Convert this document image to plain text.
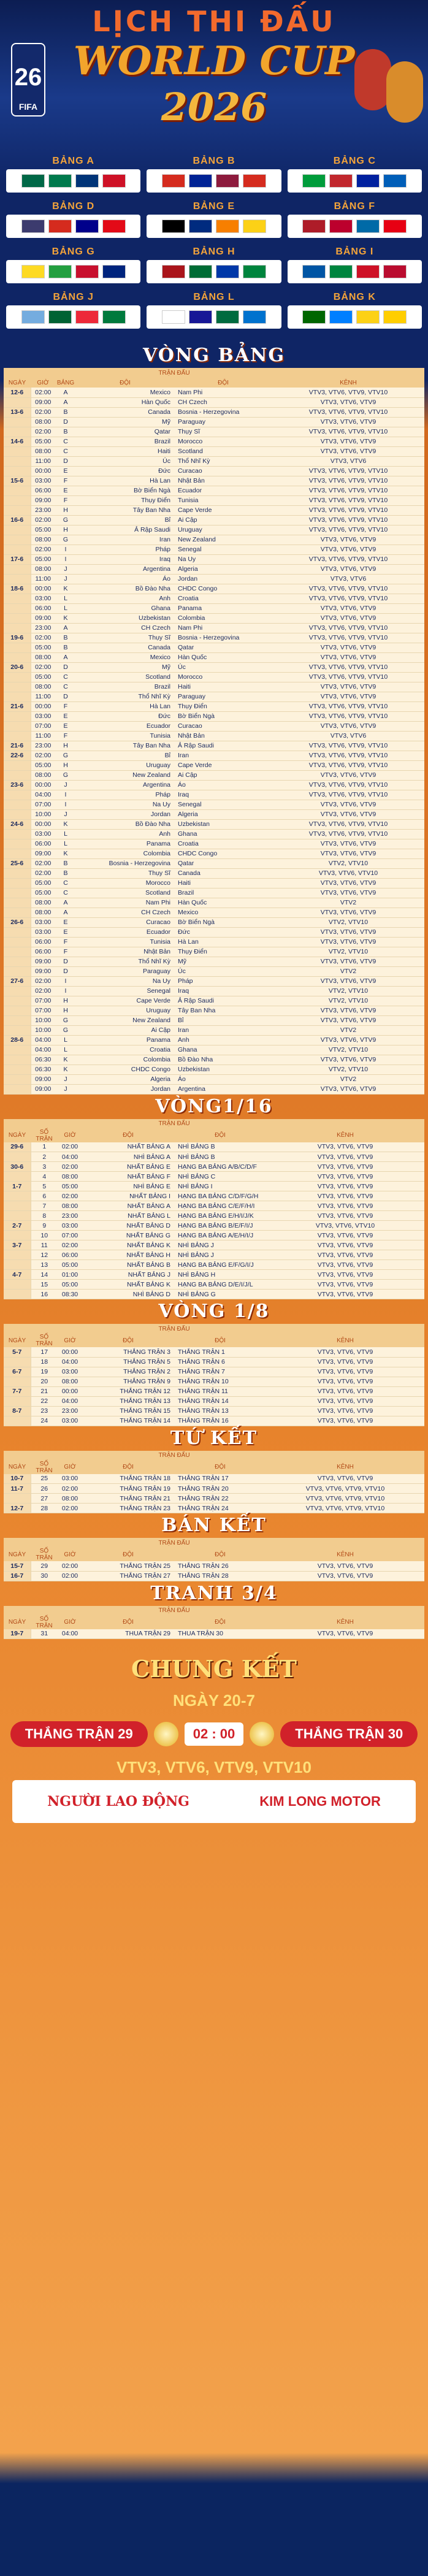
26
FIFA
LỊCH THI ĐẤU
WORLD CUP
2026
BẢNG A	BẢNG B	BẢNG C
BẢNG D	BẢNG E	BẢNG F
BẢNG G	BẢNG H	BẢNG I
BẢNG J	BẢNG L	BẢNG K
VÒNG BẢNG
			TRẬN ĐẤU		
NGÀY	GIỜ	BẢNG	ĐỘI	ĐỘI	KÊNH
12-6	02:00	A	Mexico	Nam Phi	VTV3, VTV6, VTV9, VTV10
	09:00	A	Hàn Quốc	CH Czech	VTV3, VTV6, VTV9
13-6	02:00	B	Canada	Bosnia - Herzegovina	VTV3, VTV6, VTV9, VTV10
	08:00	D	Mỹ	Paraguay	VTV3, VTV6, VTV9
	02:00	B	Qatar	Thụy Sĩ	VTV3, VTV6, VTV9, VTV10
14-6	05:00	C	Brazil	Morocco	VTV3, VTV6, VTV9
	08:00	C	Haiti	Scotland	VTV3, VTV6, VTV9
	11:00	D	Úc	Thổ Nhĩ Kỳ	VTV3, VTV6
	00:00	E	Đức	Curacao	VTV3, VTV6, VTV9, VTV10
15-6	03:00	F	Hà Lan	Nhật Bản	VTV3, VTV6, VTV9, VTV10
	06:00	E	Bờ Biển Ngà	Ecuador	VTV3, VTV6, VTV9, VTV10
	09:00	F	Thụy Điển	Tunisia	VTV3, VTV6, VTV9, VTV10
	23:00	H	Tây Ban Nha	Cape Verde	VTV3, VTV6, VTV9, VTV10
16-6	02:00	G	Bỉ	Ai Cập	VTV3, VTV6, VTV9, VTV10
	05:00	H	Ả Rập Saudi	Uruguay	VTV3, VTV6, VTV9, VTV10
	08:00	G	Iran	New Zealand	VTV3, VTV6, VTV9
	02:00	I	Pháp	Senegal	VTV3, VTV6, VTV9
17-6	05:00	I	Iraq	Na Uy	VTV3, VTV6, VTV9, VTV10
	08:00	J	Argentina	Algeria	VTV3, VTV6, VTV9
	11:00	J	Áo	Jordan	VTV3, VTV6
18-6	00:00	K	Bồ Đào Nha	CHDC Congo	VTV3, VTV6, VTV9, VTV10
	03:00	L	Anh	Croatia	VTV3, VTV6, VTV9, VTV10
	06:00	L	Ghana	Panama	VTV3, VTV6, VTV9
	09:00	K	Uzbekistan	Colombia	VTV3, VTV6, VTV9
	23:00	A	CH Czech	Nam Phi	VTV3, VTV6, VTV9, VTV10
19-6	02:00	B	Thụy Sĩ	Bosnia - Herzegovina	VTV3, VTV6, VTV9, VTV10
	05:00	B	Canada	Qatar	VTV3, VTV6, VTV9
	08:00	A	Mexico	Hàn Quốc	VTV3, VTV6, VTV9
20-6	02:00	D	Mỹ	Úc	VTV3, VTV6, VTV9, VTV10
	05:00	C	Scotland	Morocco	VTV3, VTV6, VTV9, VTV10
	08:00	C	Brazil	Haiti	VTV3, VTV6, VTV9
	11:00	D	Thổ Nhĩ Kỳ	Paraguay	VTV3, VTV6, VTV9
21-6	00:00	F	Hà Lan	Thụy Điển	VTV3, VTV6, VTV9, VTV10
	03:00	E	Đức	Bờ Biển Ngà	VTV3, VTV6, VTV9, VTV10
	07:00	E	Ecuador	Curacao	VTV3, VTV6, VTV9
	11:00	F	Tunisia	Nhật Bản	VTV3, VTV6
21-6	23:00	H	Tây Ban Nha	Ả Rập Saudi	VTV3, VTV6, VTV9, VTV10
22-6	02:00	G	Bỉ	Iran	VTV3, VTV6, VTV9, VTV10
	05:00	H	Uruguay	Cape Verde	VTV3, VTV6, VTV9, VTV10
	08:00	G	New Zealand	Ai Cập	VTV3, VTV6, VTV9
23-6	00:00	J	Argentina	Áo	VTV3, VTV6, VTV9, VTV10
	04:00	I	Pháp	Iraq	VTV3, VTV6, VTV9, VTV10
	07:00	I	Na Uy	Senegal	VTV3, VTV6, VTV9
	10:00	J	Jordan	Algeria	VTV3, VTV6, VTV9
24-6	00:00	K	Bồ Đào Nha	Uzbekistan	VTV3, VTV6, VTV9, VTV10
	03:00	L	Anh	Ghana	VTV3, VTV6, VTV9, VTV10
	06:00	L	Panama	Croatia	VTV3, VTV6, VTV9
	09:00	K	Colombia	CHDC Congo	VTV3, VTV6, VTV9
25-6	02:00	B	Bosnia - Herzegovina	Qatar	VTV2, VTV10
	02:00	B	Thụy Sĩ	Canada	VTV3, VTV6, VTV10
	05:00	C	Morocco	Haiti	VTV3, VTV6, VTV9
	05:00	C	Scotland	Brazil	VTV3, VTV6, VTV9
	08:00	A	Nam Phi	Hàn Quốc	VTV2
	08:00	A	CH Czech	Mexico	VTV3, VTV6, VTV9
26-6	03:00	E	Curacao	Bờ Biển Ngà	VTV2, VTV10
	03:00	E	Ecuador	Đức	VTV3, VTV6, VTV9
	06:00	F	Tunisia	Hà Lan	VTV3, VTV6, VTV9
	06:00	F	Nhật Bản	Thụy Điển	VTV2, VTV10
	09:00	D	Thổ Nhĩ Kỳ	Mỹ	VTV3, VTV6, VTV9
	09:00	D	Paraguay	Úc	VTV2
27-6	02:00	I	Na Uy	Pháp	VTV3, VTV6, VTV9
	02:00	I	Senegal	Iraq	VTV2, VTV10
	07:00	H	Cape Verde	Ả Rập Saudi	VTV2, VTV10
	07:00	H	Uruguay	Tây Ban Nha	VTV3, VTV6, VTV9
	10:00	G	New Zealand	Bỉ	VTV3, VTV6, VTV9
	10:00	G	Ai Cập	Iran	VTV2
28-6	04:00	L	Panama	Anh	VTV3, VTV6, VTV9
	04:00	L	Croatia	Ghana	VTV2, VTV10
	06:30	K	Colombia	Bồ Đào Nha	VTV3, VTV6, VTV9
	06:30	K	CHDC Congo	Uzbekistan	VTV2, VTV10
	09:00	J	Algeria	Áo	VTV2
	09:00	J	Jordan	Argentina	VTV3, VTV6, VTV9
VÒNG1/16
			TRẬN ĐẤU		
NGÀY	SỐ TRẬN	GIỜ	ĐỘI	ĐỘI	KÊNH
29-6	1	02:00	NHẤT BẢNG A	NHÌ BẢNG B	VTV3, VTV6, VTV9
	2	04:00	NHÌ BẢNG A	NHÌ BẢNG B	VTV3, VTV6, VTV9
30-6	3	02:00	NHẤT BẢNG E	HẠNG BA BẢNG A/B/C/D/F	VTV3, VTV6, VTV9
	4	08:00	NHẤT BẢNG F	NHÌ BẢNG C	VTV3, VTV6, VTV9
1-7	5	05:00	NHÌ BẢNG E	NHÌ BẢNG I	VTV3, VTV6, VTV9
	6	02:00	NHẤT BẢNG I	HẠNG BA BẢNG C/D/F/G/H	VTV3, VTV6, VTV9
	7	08:00	NHẤT BẢNG A	HẠNG BA BẢNG C/E/F/H/I	VTV3, VTV6, VTV9
	8	23:00	NHẤT BẢNG L	HẠNG BA BẢNG E/H/I/J/K	VTV3, VTV6, VTV9
2-7	9	03:00	NHẤT BẢNG D	HẠNG BA BẢNG B/E/F/I/J	VTV3, VTV6, VTV10
	10	07:00	NHẤT BẢNG G	HẠNG BA BẢNG A/E/H/I/J	VTV3, VTV6, VTV9
3-7	11	02:00	NHẤT BẢNG K	NHÌ BẢNG J	VTV3, VTV6, VTV9
	12	06:00	NHẤT BẢNG H	NHÌ BẢNG J	VTV3, VTV6, VTV9
	13	05:00	NHẤT BẢNG B	HẠNG BA BẢNG E/F/G/I/J	VTV3, VTV6, VTV9
4-7	14	01:00	NHẤT BẢNG J	NHÌ BẢNG H	VTV3, VTV6, VTV9
	15	05:00	NHẤT BẢNG K	HẠNG BA BẢNG D/E/I/J/L	VTV3, VTV6, VTV9
	16	08:30	NHÌ BẢNG D	NHÌ BẢNG G	VTV3, VTV6, VTV9
VÒNG 1/8
			TRẬN ĐẤU		
NGÀY	SỐ TRẬN	GIỜ	ĐỘI	ĐỘI	KÊNH
5-7	17	00:00	THẮNG TRẬN 3	THẮNG TRẬN 1	VTV3, VTV6, VTV9
	18	04:00	THẮNG TRẬN 5	THẮNG TRẬN 6	VTV3, VTV6, VTV9
6-7	19	03:00	THẮNG TRẬN 2	THẮNG TRẬN 7	VTV3, VTV6, VTV9
	20	08:00	THẮNG TRẬN 9	THẮNG TRẬN 10	VTV3, VTV6, VTV9
7-7	21	00:00	THẮNG TRẬN 12	THẮNG TRẬN 11	VTV3, VTV6, VTV9
	22	04:00	THẮNG TRẬN 13	THẮNG TRẬN 14	VTV3, VTV6, VTV9
8-7	23	23:00	THẮNG TRẬN 15	THẮNG TRẬN 13	VTV3, VTV6, VTV9
	24	03:00	THẮNG TRẬN 14	THẮNG TRẬN 16	VTV3, VTV6, VTV9
TỨ KẾT
			TRẬN ĐẤU		
NGÀY	SỐ TRẬN	GIỜ	ĐỘI	ĐỘI	KÊNH
10-7	25	03:00	THẮNG TRẬN 18	THẮNG TRẬN 17	VTV3, VTV6, VTV9
11-7	26	02:00	THẮNG TRẬN 19	THẮNG TRẬN 20	VTV3, VTV6, VTV9, VTV10
	27	08:00	THẮNG TRẬN 21	THẮNG TRẬN 22	VTV3, VTV6, VTV9, VTV10
12-7	28	02:00	THẮNG TRẬN 23	THẮNG TRẬN 24	VTV3, VTV6, VTV9, VTV10
BÁN KẾT
			TRẬN ĐẤU		
NGÀY	SỐ TRẬN	GIỜ	ĐỘI	ĐỘI	KÊNH
15-7	29	02:00	THẮNG TRẬN 25	THẮNG TRẬN 26	VTV3, VTV6, VTV9
16-7	30	02:00	THẮNG TRẬN 27	THẮNG TRẬN 28	VTV3, VTV6, VTV9
TRANH 3/4
			TRẬN ĐẤU		
NGÀY	SỐ TRẬN	GIỜ	ĐỘI	ĐỘI	KÊNH
19-7	31	04:00	THUA TRẬN 29	THUA TRẬN 30	VTV3, VTV6, VTV9
CHUNG KẾT
NGÀY 20-7
THẮNG TRẬN 29	02 : 00	THẮNG TRẬN 30
VTV3, VTV6, VTV9, VTV10
NGƯỜI LAO ĐỘNG	KIM LONG MOTOR
